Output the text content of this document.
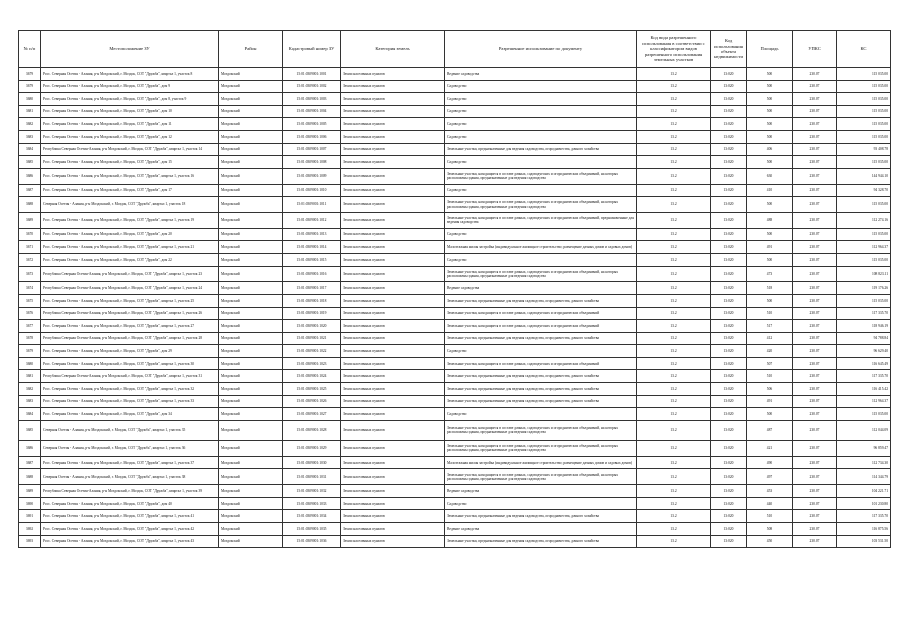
№ п/п	Местоположение ЗУ	Район	Кадастровый номер ЗУ	Категория земель	Разрешенное использование по документу	Код вида разрешенного использования в соответствии с классификатором видов разрешенного использования земельных участков	Код использования объекта недвижимости	Площадь	УПКС	КС
3679	Росс. Северная Осетия - Алания, р-н Моздокский, г. Моздок, СОТ "Дружба", квартал 1, участок 8	Моздокский	15:01:0309001:1001	Земли населенных пунктов	Ведение садоводства	13.2	13:020	500	230.07	115 035.00
3679	Росс. Северная Осетия - Алания, р-н Моздокский, г. Моздок, СОТ "Дружба", дом 9	Моздокский	15:01:0309001:1002	Земли населенных пунктов	Садоводство	13.2	13:020	500	230.07	115 035.00
3680	Росс. Северная Осетия - Алания, р-н Моздокский, г. Моздок, СОТ "Дружба", дом 8, участок 9	Моздокский	15:01:0309001:1003	Земли населенных пунктов	Садоводство	13.2	13:020	500	230.07	115 035.00
3681	Росс. Северная Осетия - Алания, р-н Моздокский, г. Моздок, СОТ "Дружба", дом 10	Моздокский	15:01:0309001:1004	Земли населенных пунктов	Садоводство	13.2	13:020	500	230.07	115 035.00
3682	Росс. Северная Осетия - Алания, р-н Моздокский, г. Моздок, СОТ "Дружба", дом 11	Моздокский	15:01:0309001:1005	Земли населенных пунктов	Садоводство	13.2	13:020	500	230.07	115 035.00
3683	Росс. Северная Осетия - Алания, р-н Моздокский, г. Моздок, СОТ "Дружба", дом 12	Моздокский	15:01:0309001:1006	Земли населенных пунктов	Садоводство	13.2	13:020	500	230.07	115 035.00
3684	Республика Северная Осетия-Алания, р-н Моздокский, г. Моздок, СОТ "Дружба", квартал 1, участок 14	Моздокский	15:01:0309001:1007	Земли населенных пунктов	Земельные участки, предназначенные для ведения садоводства, огородничества, дачного хозяйства	13.2	13:020	406	230.07	93 408.78
3685	Росс. Северная Осетия - Алания, р-н Моздокский, г. Моздок, СОТ "Дружба", дом 15	Моздокский	15:01:0309001:1008	Земли населенных пунктов	Садоводство	13.2	13:020	500	230.07	115 035.00
3686	Росс. Северная Осетия - Алания, р-н Моздокский, г. Моздок, СОТ "Дружба", квартал 1, участок 16	Моздокский	15:01:0309001:1009	Земли населенных пунктов	Земельные участки, находящиеся в составе дачных, садоводческих и огороднических объединений, на которых расположены здания, предназначенные для ведения садоводства	13.2	13:020	630	230.07	144 944.10
3687	Росс. Северная Осетия - Алания, р-н Моздокский, г. Моздок, СОТ "Дружба", дом 17	Моздокский	15:01:0309001:1010	Земли населенных пунктов	Садоводство	13.2	13:020	410	230.07	94 328.70
3688	Северная Осетия - Алания, р-н Моздокский, г. Моздок, СОТ "Дружба", квартал 1, участок 18	Моздокский	15:01:0309001:1011	Земли населенных пунктов	Земельные участки, находящиеся в составе дачных, садоводческих и огороднических объединений, на которых расположены здания, предназначенные для ведения садоводства	13.2	13:020	500	230.07	115 035.00
3689	Росс. Северная Осетия - Алания, р-н Моздокский, г. Моздок, СОТ "Дружба", квартал 1, участок 19	Моздокский	15:01:0309001:1012	Земли населенных пунктов	Земельные участки, находящиеся в составе дачных, садоводческих и огороднических объединений, предназначенные для ведения садоводства	13.2	13:020	488	230.07	112 274.16
3670	Росс. Северная Осетия - Алания, р-н Моздокский, г. Моздок, СОТ "Дружба", дом 20	Моздокский	15:01:0309001:1013	Земли населенных пунктов	Садоводство	13.2	13:020	500	230.07	115 035.00
3671	Росс. Северная Осетия - Алания, р-н Моздокский, г. Моздок, СОТ "Дружба", квартал 1, участок 21	Моздокский	15:01:0309001:1014	Земли населенных пунктов	Малоэтажная жилая застройка (индивидуальное жилищное строительство; размещение дачных домов и садовых домов)	13.2	13:020	491	230.07	112 964.37
3672	Росс. Северная Осетия - Алания, р-н Моздокский, г. Моздок, СОТ "Дружба", дом 22	Моздокский	15:01:0309001:1015	Земли населенных пунктов	Садоводство	13.2	13:020	500	230.07	115 035.00
3673	Республика Северная Осетия-Алания, р-н Моздокский, г. Моздок, СОТ "Дружба", квартал 1, участок 23	Моздокский	15:01:0309001:1016	Земли населенных пунктов	Земельные участки, находящиеся в составе дачных, садоводческих и огороднических объединений, на которых расположены здания, предназначенные для ведения садоводства	13.2	13:020	473	230.07	108 823.11
3674	Республика Северная Осетия-Алания, р-н Моздокский, г. Моздок, СОТ "Дружба", квартал 1, участок 24	Моздокский	15:01:0309001:1017	Земли населенных пунктов	Ведение садоводства	13.2	13:020	518	230.07	119 176.26
3675	Росс. Северная Осетия - Алания, р-н Моздокский, г. Моздок, СОТ "Дружба", квартал 1, участок 25	Моздокский	15:01:0309001:1018	Земли населенных пунктов	Земельные участки, предназначенные для ведения садоводства, огородничества, дачного хозяйства	13.2	13:020	500	230.07	115 035.00
3676	Республика Северная Осетия-Алания, р-н Моздокский, г. Моздок, СОТ "Дружба", квартал 1, участок 26	Моздокский	15:01:0309001:1019	Земли населенных пунктов	Земельные участки, находящиеся в составе дачных, садоводческих и огороднических объединений	13.2	13:020	510	230.07	117 335.70
3677	Росс. Северная Осетия - Алания, р-н Моздокский, г. Моздок, СОТ "Дружба", квартал 1, участок 27	Моздокский	15:01:0309001:1020	Земли населенных пунктов	Земельные участки, находящиеся в составе дачных, садоводческих и огороднических объединений	13.2	13:020	517	230.07	118 946.19
3678	Республика Северная Осетия-Алания, р-н Моздокский, г. Моздок, СОТ "Дружба", квартал 1, участок 28	Моздокский	15:01:0309001:1021	Земли населенных пунктов	Земельные участки, предназначенные для ведения садоводства, огородничества, дачного хозяйства	13.2	13:020	412	230.07	94 788.84
3679	Росс. Северная Осетия - Алания, р-н Моздокский, г. Моздок, СОТ "Дружба", дом 29	Моздокский	15:01:0309001:1022	Земли населенных пунктов	Садоводство	13.2	13:020	420	230.07	96 629.40
3680	Росс. Северная Осетия - Алания, р-н Моздокский, г. Моздок, СОТ "Дружба", квартал 1, участок 30	Моздокский	15:01:0309001:1023	Земли населенных пунктов	Земельные участки, находящиеся в составе дачных, садоводческих и огороднических объединений	13.2	13:020	507	230.07	116 645.49
3681	Республика Северная Осетия-Алания, р-н Моздокский, г. Моздок, СОТ "Дружба", квартал 1, участок 31	Моздокский	15:01:0309001:1024	Земли населенных пунктов	Земельные участки, предназначенные для ведения садоводства, огородничества, дачного хозяйства	13.2	13:020	510	230.07	117 335.70
3682	Росс. Северная Осетия - Алания, р-н Моздокский, г. Моздок, СОТ "Дружба", квартал 1, участок 32	Моздокский	15:01:0309001:1025	Земли населенных пунктов	Земельные участки, предназначенные для ведения садоводства, огородничества, дачного хозяйства	13.2	13:020	506	230.07	116 415.42
3683	Росс. Северная Осетия - Алания, р-н Моздокский, г. Моздок, СОТ "Дружба", квартал 1, участок 33	Моздокский	15:01:0309001:1026	Земли населенных пунктов	Земельные участки, предназначенные для ведения садоводства, огородничества, дачного хозяйства	13.2	13:020	491	230.07	112 964.37
3684	Росс. Северная Осетия - Алания, р-н Моздокский, г. Моздок, СОТ "Дружба", дом 34	Моздокский	15:01:0309001:1027	Земли населенных пунктов	Садоводство	13.2	13:020	500	230.07	115 035.00
3685	Северная Осетия - Алания, р-н Моздокский, г. Моздок, СОТ "Дружба", квартал 1, участок 35	Моздокский	15:01:0309001:1028	Земли населенных пунктов	Земельные участки, находящиеся в составе дачных, садоводческих и огороднических объединений, на которых расположены здания, предназначенные для ведения садоводства	13.2	13:020	487	230.07	112 044.09
3686	Северная Осетия - Алания, р-н Моздокский, г. Моздок, СОТ "Дружба", квартал 1, участок 36	Моздокский	15:01:0309001:1029	Земли населенных пунктов	Земельные участки, находящиеся в составе дачных, садоводческих и огороднических объединений, на которых расположены здания, предназначенные для ведения садоводства	13.2	13:020	421	230.07	96 859.47
3687	Росс. Северная Осетия - Алания, р-н Моздокский, г. Моздок, СОТ "Дружба", квартал 1, участок 37	Моздокский	15:01:0309001:1030	Земли населенных пунктов	Малоэтажная жилая застройка (индивидуальное жилищное строительство; размещение дачных домов и садовых домов)	13.2	13:020	490	230.07	112 734.30
3688	Северная Осетия - Алания, р-н Моздокский, г. Моздок, СОТ "Дружба", квартал 1, участок 38	Моздокский	15:01:0309001:1031	Земли населенных пунктов	Земельные участки, находящиеся в составе дачных, садоводческих и огороднических объединений, на которых расположены здания, предназначенные для ведения садоводства	13.2	13:020	497	230.07	114 344.79
3689	Республика Северная Осетия-Алания, р-н Моздокский, г. Моздок, СОТ "Дружба", квартал 1, участок 39	Моздокский	15:01:0309001:1032	Земли населенных пунктов	Ведение садоводства	13.2	13:020	453	230.07	104 221.71
3690	Росс. Северная Осетия - Алания, р-н Моздокский, г. Моздок, СОТ "Дружба", дом 40	Моздокский	15:01:0309001:1033	Земли населенных пунктов	Садоводство	13.2	13:020	440	230.07	101 230.80
3691	Росс. Северная Осетия - Алания, р-н Моздокский, г. Моздок, СОТ "Дружба", квартал 1, участок 41	Моздокский	15:01:0309001:1034	Земли населенных пунктов	Земельные участки, предназначенные для ведения садоводства, огородничества, дачного хозяйства	13.2	13:020	510	230.07	117 335.70
3692	Росс. Северная Осетия - Алания, р-н Моздокский, г. Моздок, СОТ "Дружба", квартал 1, участок 42	Моздокский	15:01:0309001:1035	Земли населенных пунктов	Ведение садоводства	13.2	13:020	508	230.07	116 875.56
3693	Росс. Северная Осетия - Алания, р-н Моздокский, г. Моздок, СОТ "Дружба", квартал 1, участок 43	Моздокский	15:01:0309001:1036	Земли населенных пунктов	Земельные участки, предназначенные для ведения садоводства, огородничества, дачного хозяйства	13.2	13:020	450	230.07	103 531.50
